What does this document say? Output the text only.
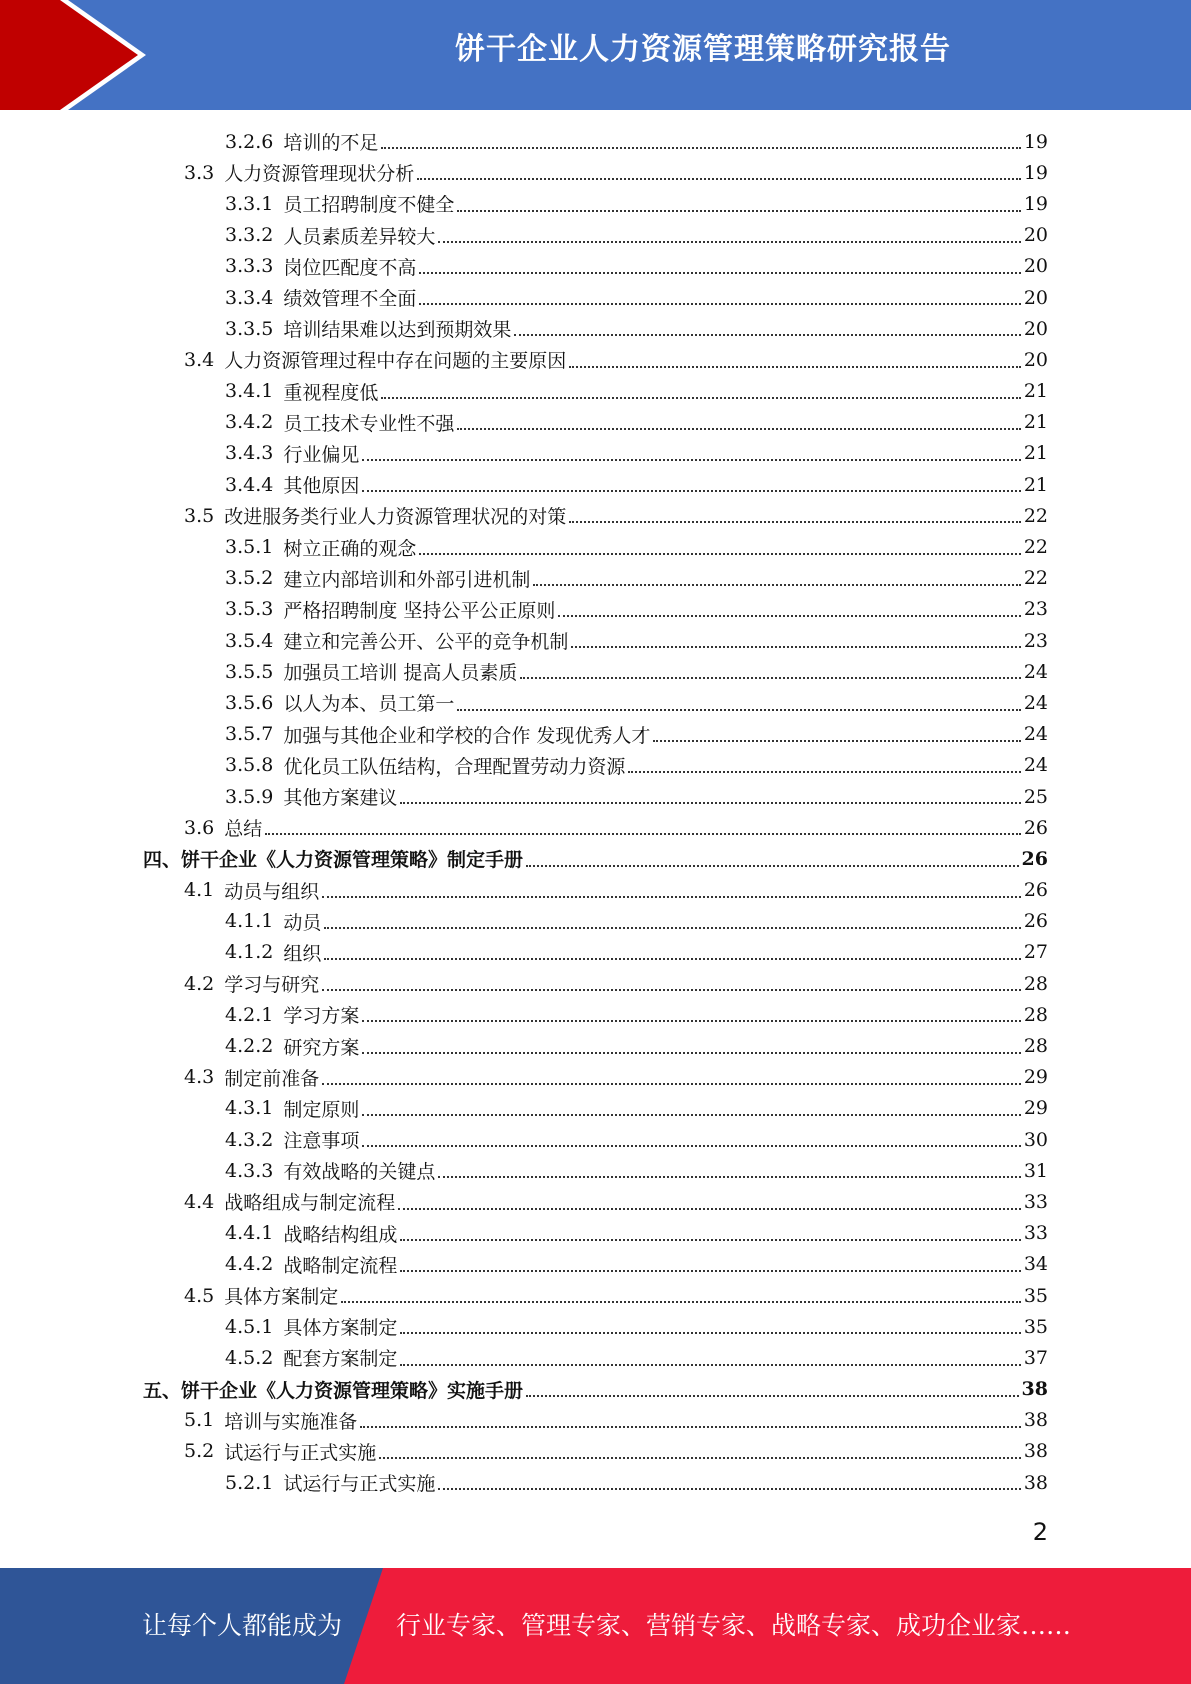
饼干企业人力资源管理策略研究报告
3.2.6 培训的不足	19
3.3 人力资源管理现状分析	19
3.3.1 员工招聘制度不健全	19
3.3.2 人员素质差异较大	20
3.3.3 岗位匹配度不高	20
3.3.4 绩效管理不全面	20
3.3.5 培训结果难以达到预期效果	20
3.4 人力资源管理过程中存在问题的主要原因	20
3.4.1 重视程度低	21
3.4.2 员工技术专业性不强	21
3.4.3 行业偏见	21
3.4.4 其他原因	21
3.5 改进服务类行业人力资源管理状况的对策	22
3.5.1 树立正确的观念	22
3.5.2 建立内部培训和外部引进机制	22
3.5.3 严格招聘制度 坚持公平公正原则	23
3.5.4 建立和完善公开、公平的竞争机制	23
3.5.5 加强员工培训 提高人员素质	24
3.5.6 以人为本、员工第一	24
3.5.7 加强与其他企业和学校的合作 发现优秀人才	24
3.5.8 优化员工队伍结构，合理配置劳动力资源	24
3.5.9 其他方案建议	25
3.6 总结	26
四、饼干企业《人力资源管理策略》制定手册	26
4.1 动员与组织	26
4.1.1 动员	26
4.1.2 组织	27
4.2 学习与研究	28
4.2.1 学习方案	28
4.2.2 研究方案	28
4.3 制定前准备	29
4.3.1 制定原则	29
4.3.2 注意事项	30
4.3.3 有效战略的关键点	31
4.4 战略组成与制定流程	33
4.4.1 战略结构组成	33
4.4.2 战略制定流程	34
4.5 具体方案制定	35
4.5.1 具体方案制定	35
4.5.2 配套方案制定	37
五、饼干企业《人力资源管理策略》实施手册	38
5.1 培训与实施准备	38
5.2 试运行与正式实施	38
5.2.1 试运行与正式实施	38
2
让每个人都能成为 行业专家、管理专家、营销专家、战略专家、成功企业家……
